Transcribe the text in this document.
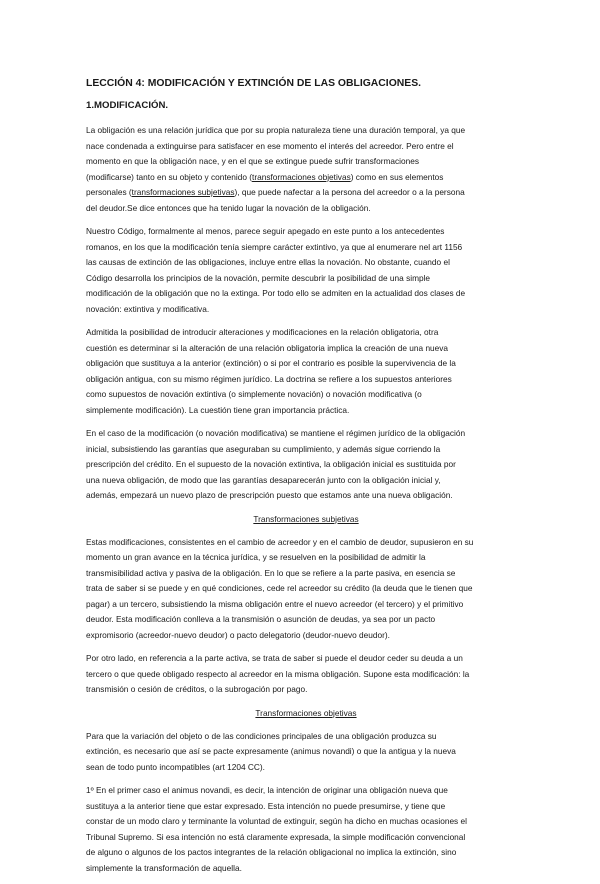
LECCIÓN 4: MODIFICACIÓN Y EXTINCIÓN DE LAS OBLIGACIONES.
1.MODIFICACIÓN.

La obligación es una relación jurídica que por su propia naturaleza tiene una duración temporal, ya que
nace condenada a extinguirse para satisfacer en ese momento el interés del acreedor. Pero entre el
momento en que la obligación nace, y en el que se extingue puede sufrir transformaciones
(modificarse) tanto en su objeto y contenido (transformaciones objetivas) como en sus elementos
personales (transformaciones subjetivas), que puede nafectar a la persona del acreedor o a la persona
del deudor.Se dice entonces que ha tenido lugar la novación de la obligación.

Nuestro Código, formalmente al menos, parece seguir apegado en este punto a los antecedentes
romanos, en los que la modificación tenía siempre carácter extintivo, ya que al enumerare nel art 1156
las causas de extinción de las obligaciones, incluye entre ellas la novación. No obstante, cuando el
Código desarrolla los principios de la novación, permite descubrir la posibilidad de una simple
modificación de la obligación que no la extinga. Por todo ello se admiten en la actualidad dos clases de
novación: extintiva y modificativa.

Admitida la posibilidad de introducir alteraciones y modificaciones en la relación obligatoria, otra
cuestión es determinar si la alteración de una relación obligatoria implica la creación de una nueva
obligación que sustituya a la anterior (extinción) o si por el contrario es posible la supervivencia de la
obligación antigua, con su mismo régimen jurídico. La doctrina se refiere a los supuestos anteriores
como supuestos de novación extintiva (o simplemente novación) o novación modificativa (o
simplemente modificación). La cuestión tiene gran importancia práctica.

En el caso de la modificación (o novación modificativa) se mantiene el régimen jurídico de la obligación
inicial, subsistiendo las garantías que aseguraban su cumplimiento, y además sigue corriendo la
prescripción del crédito. En el supuesto de la novación extintiva, la obligación inicial es sustituida por
una nueva obligación, de modo que las garantías desaparecerán junto con la obligación inicial y,
además, empezará un nuevo plazo de prescripción puesto que estamos ante una nueva obligación.

Transformaciones subjetivas

Estas modificaciones, consistentes en el cambio de acreedor y en el cambio de deudor, supusieron en su
momento un gran avance en la técnica jurídica, y se resuelven en la posibilidad de admitir la
transmisibilidad activa y pasiva de la obligación. En lo que se refiere a la parte pasiva, en esencia se
trata de saber si se puede y en qué condiciones, cede rel acreedor su crédito (la deuda que le tienen que
pagar) a un tercero, subsistiendo la misma obligación entre el nuevo acreedor (el tercero) y el primitivo
deudor. Esta modificación conlleva a la transmisión o asunción de deudas, ya sea por un pacto
expromisorio (acreedor-nuevo deudor) o pacto delegatorio (deudor-nuevo deudor).

Por otro lado, en referencia a la parte activa, se trata de saber si puede el deudor ceder su deuda a un
tercero o que quede obligado respecto al acreedor en la misma obligación. Supone esta modificación: la
transmisión o cesión de créditos, o la subrogación por pago.

Transformaciones objetivas

Para que la variación del objeto o de las condiciones principales de una obligación produzca su
extinción, es necesario que así se pacte expresamente (animus novandi) o que la antigua y la nueva
sean de todo punto incompatibles (art 1204 CC).

1º En el primer caso el animus novandi, es decir, la intención de originar una obligación nueva que
sustituya a la anterior tiene que estar expresado. Esta intención no puede presumirse, y tiene que
constar de un modo claro y terminante la voluntad de extinguir, según ha dicho en muchas ocasiones el
Tribunal Supremo. Si esa intención no está claramente expresada, la simple modificación convencional
de alguno o algunos de los pactos integrantes de la relación obligacional no implica la extinción, sino
simplemente la transformación de aquella.
